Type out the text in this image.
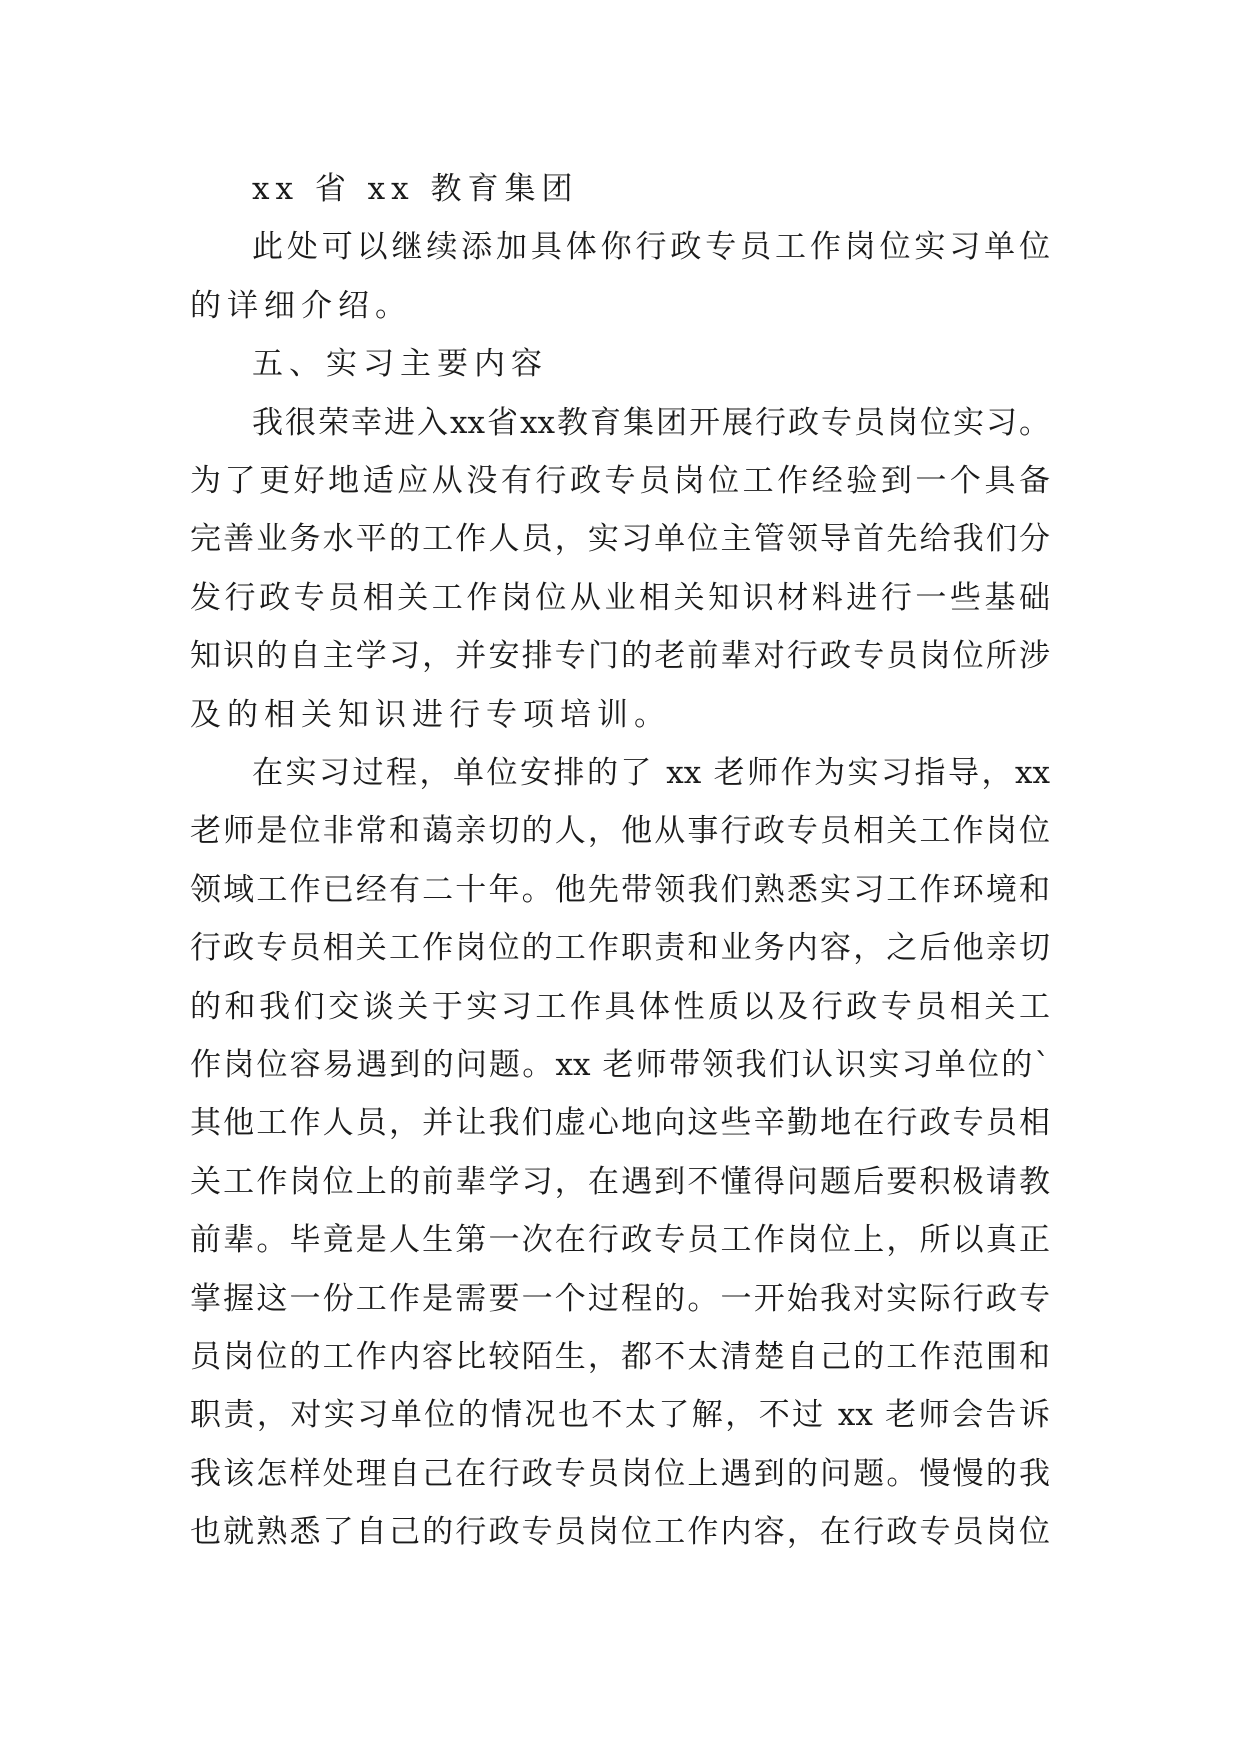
xx 省 xx 教育集团
此处可以继续添加具体你行政专员工作岗位实习单位
的详细介绍。
五、实习主要内容
我很荣幸进入xx省xx教育集团开展行政专员岗位实习。
为了更好地适应从没有行政专员岗位工作经验到一个具备
完善业务水平的工作人员，实习单位主管领导首先给我们分
发行政专员相关工作岗位从业相关知识材料进行一些基础
知识的自主学习，并安排专门的老前辈对行政专员岗位所涉
及的相关知识进行专项培训。
在实习过程，单位安排的了 xx 老师作为实习指导，xx
老师是位非常和蔼亲切的人，他从事行政专员相关工作岗位
领域工作已经有二十年。他先带领我们熟悉实习工作环境和
行政专员相关工作岗位的工作职责和业务内容，之后他亲切
的和我们交谈关于实习工作具体性质以及行政专员相关工
作岗位容易遇到的问题。xx 老师带领我们认识实习单位的`
其他工作人员，并让我们虚心地向这些辛勤地在行政专员相
关工作岗位上的前辈学习，在遇到不懂得问题后要积极请教
前辈。毕竟是人生第一次在行政专员工作岗位上，所以真正
掌握这一份工作是需要一个过程的。一开始我对实际行政专
员岗位的工作内容比较陌生，都不太清楚自己的工作范围和
职责，对实习单位的情况也不太了解，不过 xx 老师会告诉
我该怎样处理自己在行政专员岗位上遇到的问题。慢慢的我
也就熟悉了自己的行政专员岗位工作内容，在行政专员岗位
